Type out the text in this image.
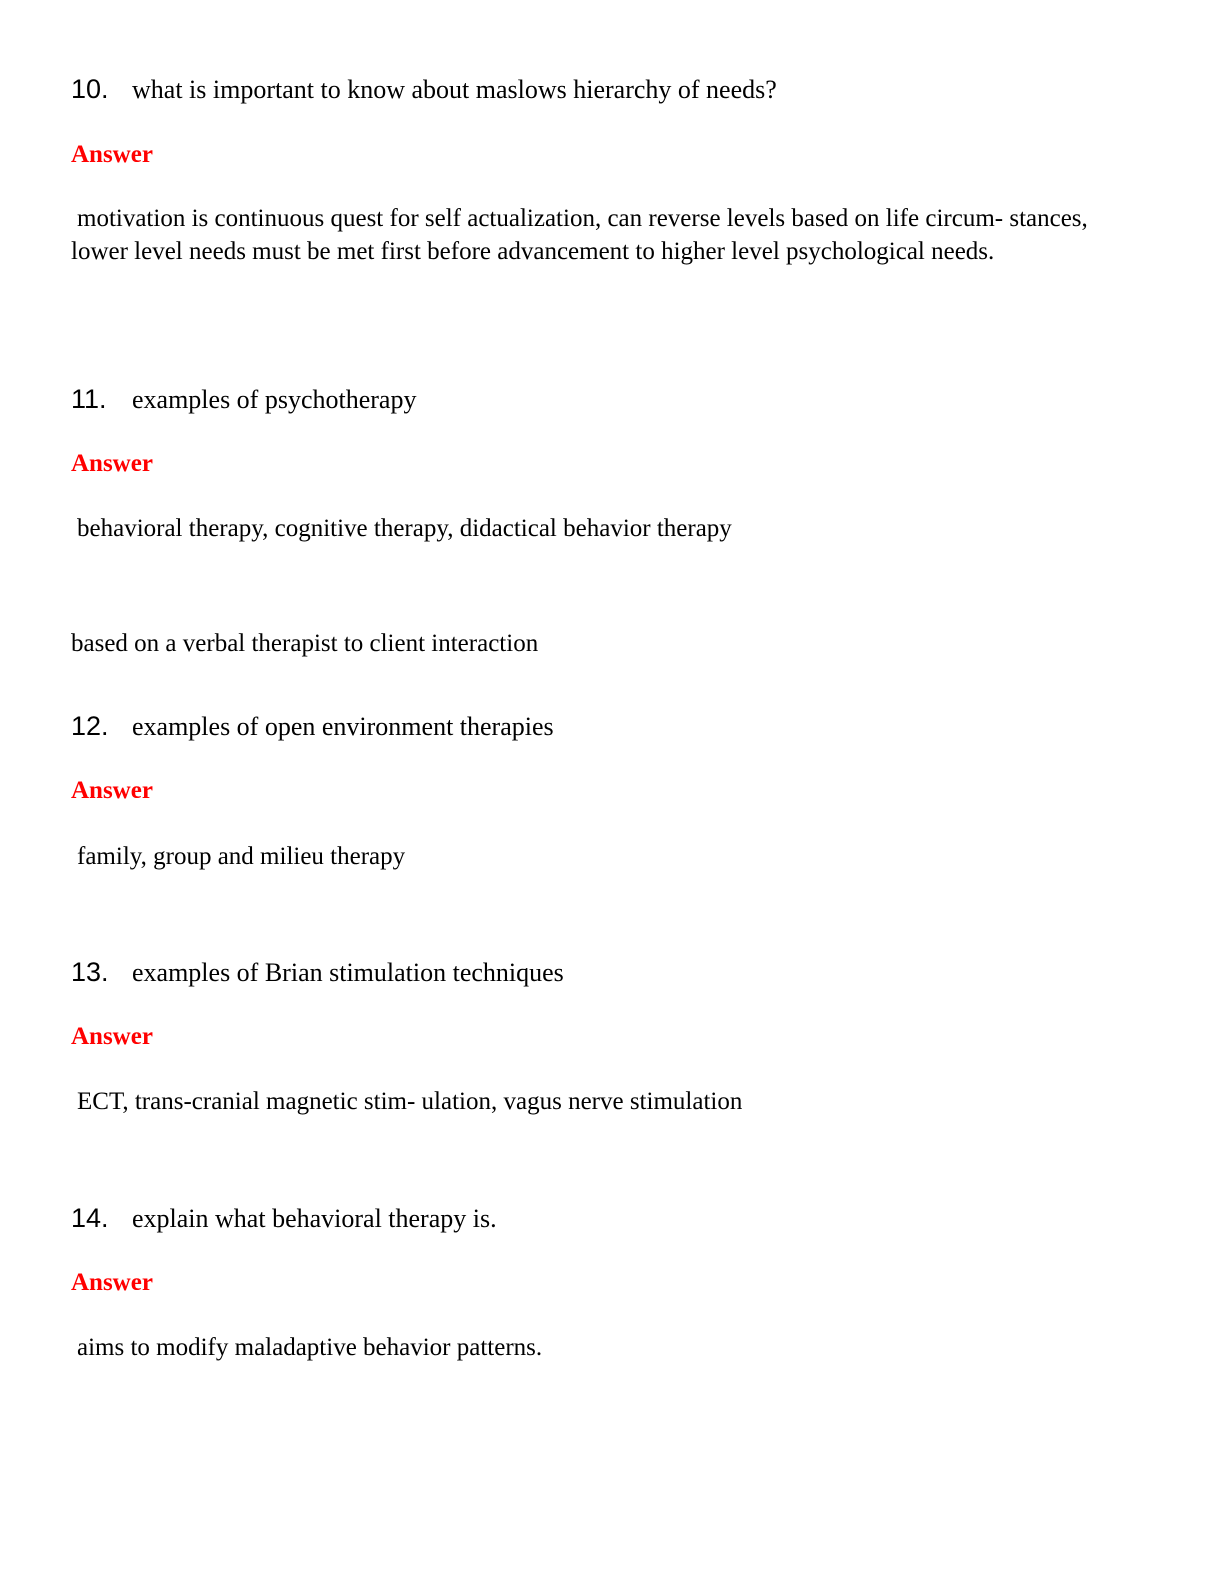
10. what is important to know about maslows hierarchy of needs?
Answer
motivation is continuous quest for self actualization, can reverse levels based on life circum- stances, lower level needs must be met first before advancement to higher level psychological needs.
11. examples of psychotherapy
Answer
behavioral therapy, cognitive therapy, didactical behavior therapy
based on a verbal therapist to client interaction
12. examples of open environment therapies
Answer
family, group and milieu therapy
13. examples of Brian stimulation techniques
Answer
ECT, trans-cranial magnetic stim- ulation, vagus nerve stimulation
14. explain what behavioral therapy is.
Answer
aims to modify maladaptive behavior patterns.
